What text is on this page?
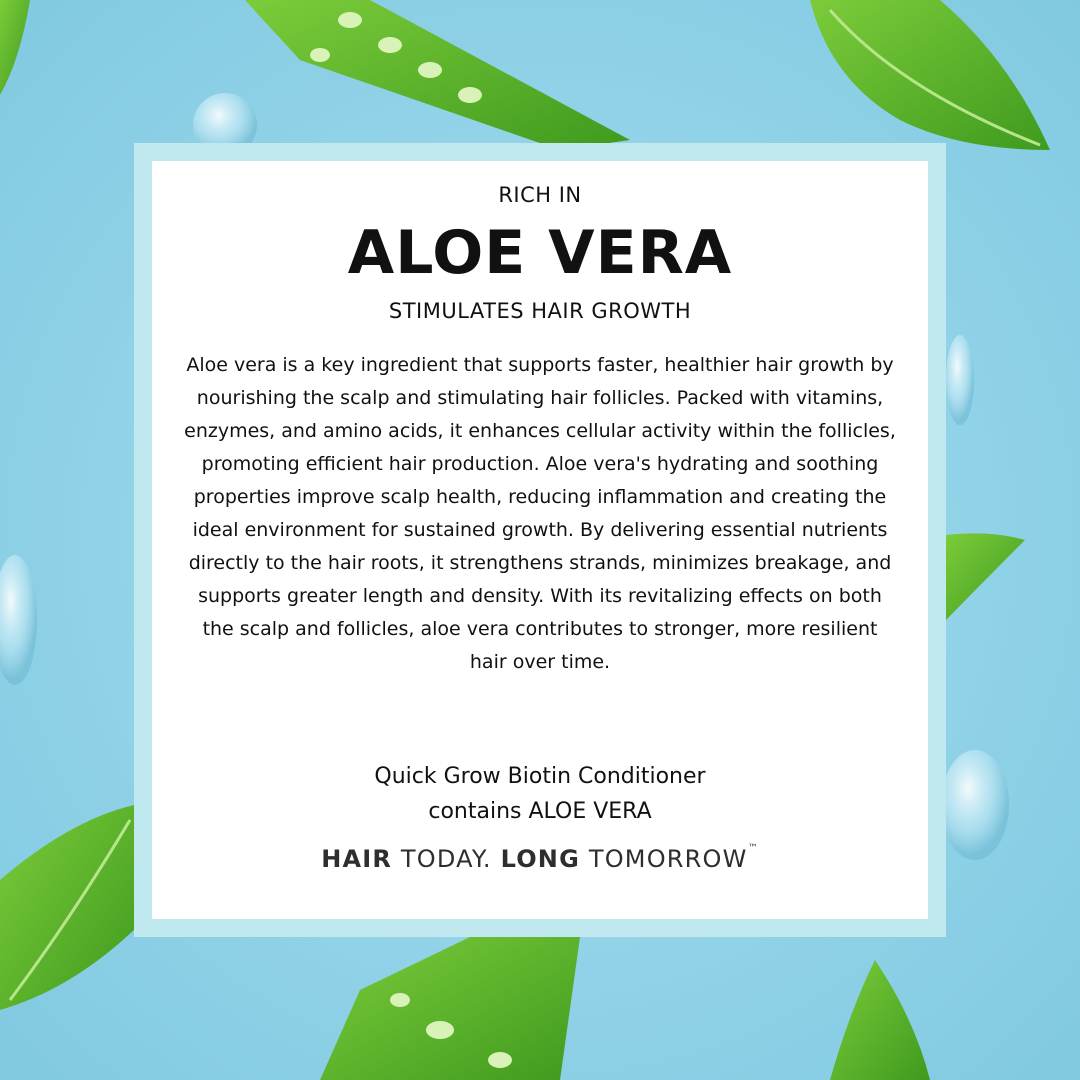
RICH IN
ALOE VERA
STIMULATES HAIR GROWTH

Aloe vera is a key ingredient that supports faster, healthier hair growth by nourishing the scalp and stimulating hair follicles. Packed with vitamins, enzymes, and amino acids, it enhances cellular activity within the follicles, promoting efficient hair production. Aloe vera's hydrating and soothing properties improve scalp health, reducing inflammation and creating the ideal environment for sustained growth. By delivering essential nutrients directly to the hair roots, it strengthens strands, minimizes breakage, and supports greater length and density. With its revitalizing effects on both the scalp and follicles, aloe vera contributes to stronger, more resilient hair over time.

Quick Grow Biotin Conditioner
contains ALOE VERA
HAIR TODAY. LONG TOMORROW™
